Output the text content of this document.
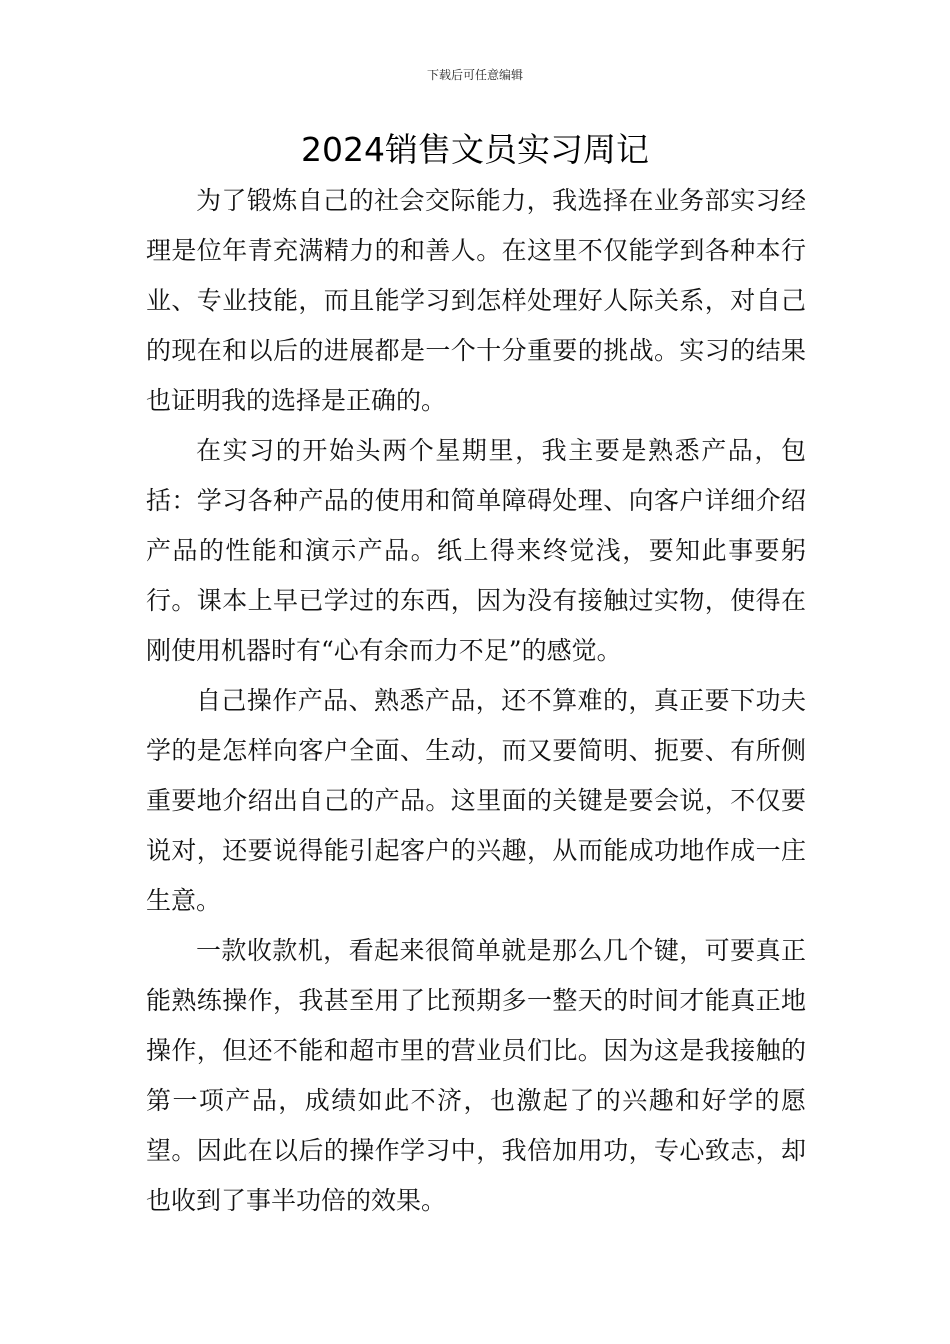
下载后可任意编辑
2024销售文员实习周记

为了锻炼自己的社会交际能力，我选择在业务部实习经理是位年青充满精力的和善人。在这里不仅能学到各种本行业、专业技能，而且能学习到怎样处理好人际关系，对自己的现在和以后的进展都是一个十分重要的挑战。实习的结果也证明我的选择是正确的。

在实习的开始头两个星期里，我主要是熟悉产品，包括：学习各种产品的使用和简单障碍处理、向客户详细介绍产品的性能和演示产品。纸上得来终觉浅，要知此事要躬行。课本上早已学过的东西，因为没有接触过实物，使得在刚使用机器时有“心有余而力不足”的感觉。

自己操作产品、熟悉产品，还不算难的，真正要下功夫学的是怎样向客户全面、生动，而又要简明、扼要、有所侧重要地介绍出自己的产品。这里面的关键是要会说，不仅要说对，还要说得能引起客户的兴趣，从而能成功地作成一庄生意。

一款收款机，看起来很简单就是那么几个键，可要真正能熟练操作，我甚至用了比预期多一整天的时间才能真正地操作，但还不能和超市里的营业员们比。因为这是我接触的第一项产品，成绩如此不济，也激起了的兴趣和好学的愿望。因此在以后的操作学习中，我倍加用功，专心致志，却也收到了事半功倍的效果。
